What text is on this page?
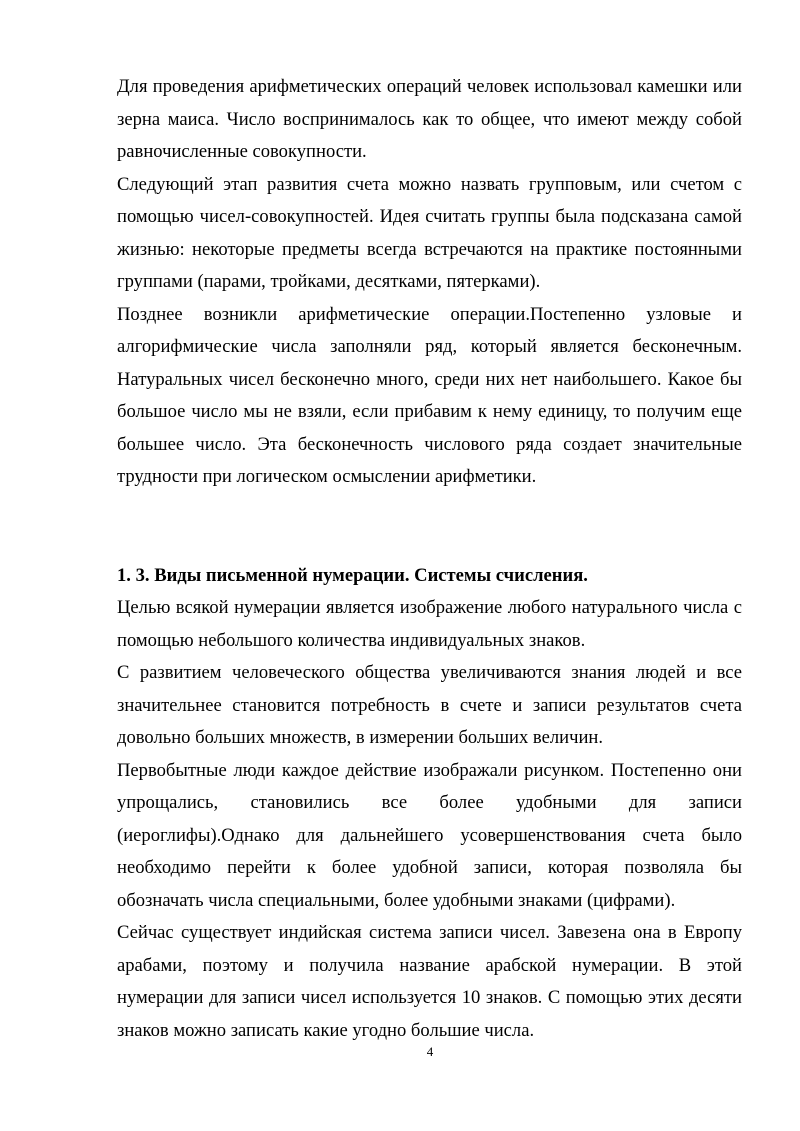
Для проведения арифметических операций человек использовал камешки или зерна маиса. Число воспринималось как то общее, что имеют между собой равночисленные совокупности.

Следующий этап развития счета можно назвать групповым, или счетом с помощью чисел-совокупностей. Идея считать группы была подсказана самой жизнью: некоторые предметы всегда встречаются на практике постоянными группами (парами, тройками, десятками, пятерками).

Позднее возникли арифметические операции.Постепенно узловые и алгорифмические числа заполняли ряд, который является бесконечным. Натуральных чисел бесконечно много, среди них нет наибольшего. Какое бы большое число мы не взяли, если прибавим к нему единицу, то получим еще большее число. Эта бесконечность числового ряда создает значительные трудности при логическом осмыслении арифметики.

1. 3. Виды письменной нумерации. Системы счисления.

Целью всякой нумерации является изображение любого натурального числа с помощью небольшого количества индивидуальных знаков.

С развитием человеческого общества увеличиваются знания людей и все значительнее становится потребность в счете и записи результатов счета довольно больших множеств, в измерении больших величин.

Первобытные люди каждое действие изображали рисунком. Постепенно они упрощались, становились все более удобными для записи (иероглифы).Однако для дальнейшего усовершенствования счета было необходимо перейти к более удобной записи, которая позволяла бы обозначать числа специальными, более удобными знаками (цифрами).

Сейчас существует индийская система записи чисел. Завезена она в Европу арабами, поэтому и получила название арабской нумерации. В этой нумерации для записи чисел используется 10 знаков. С помощью этих десяти знаков можно записать какие угодно большие числа.

4
